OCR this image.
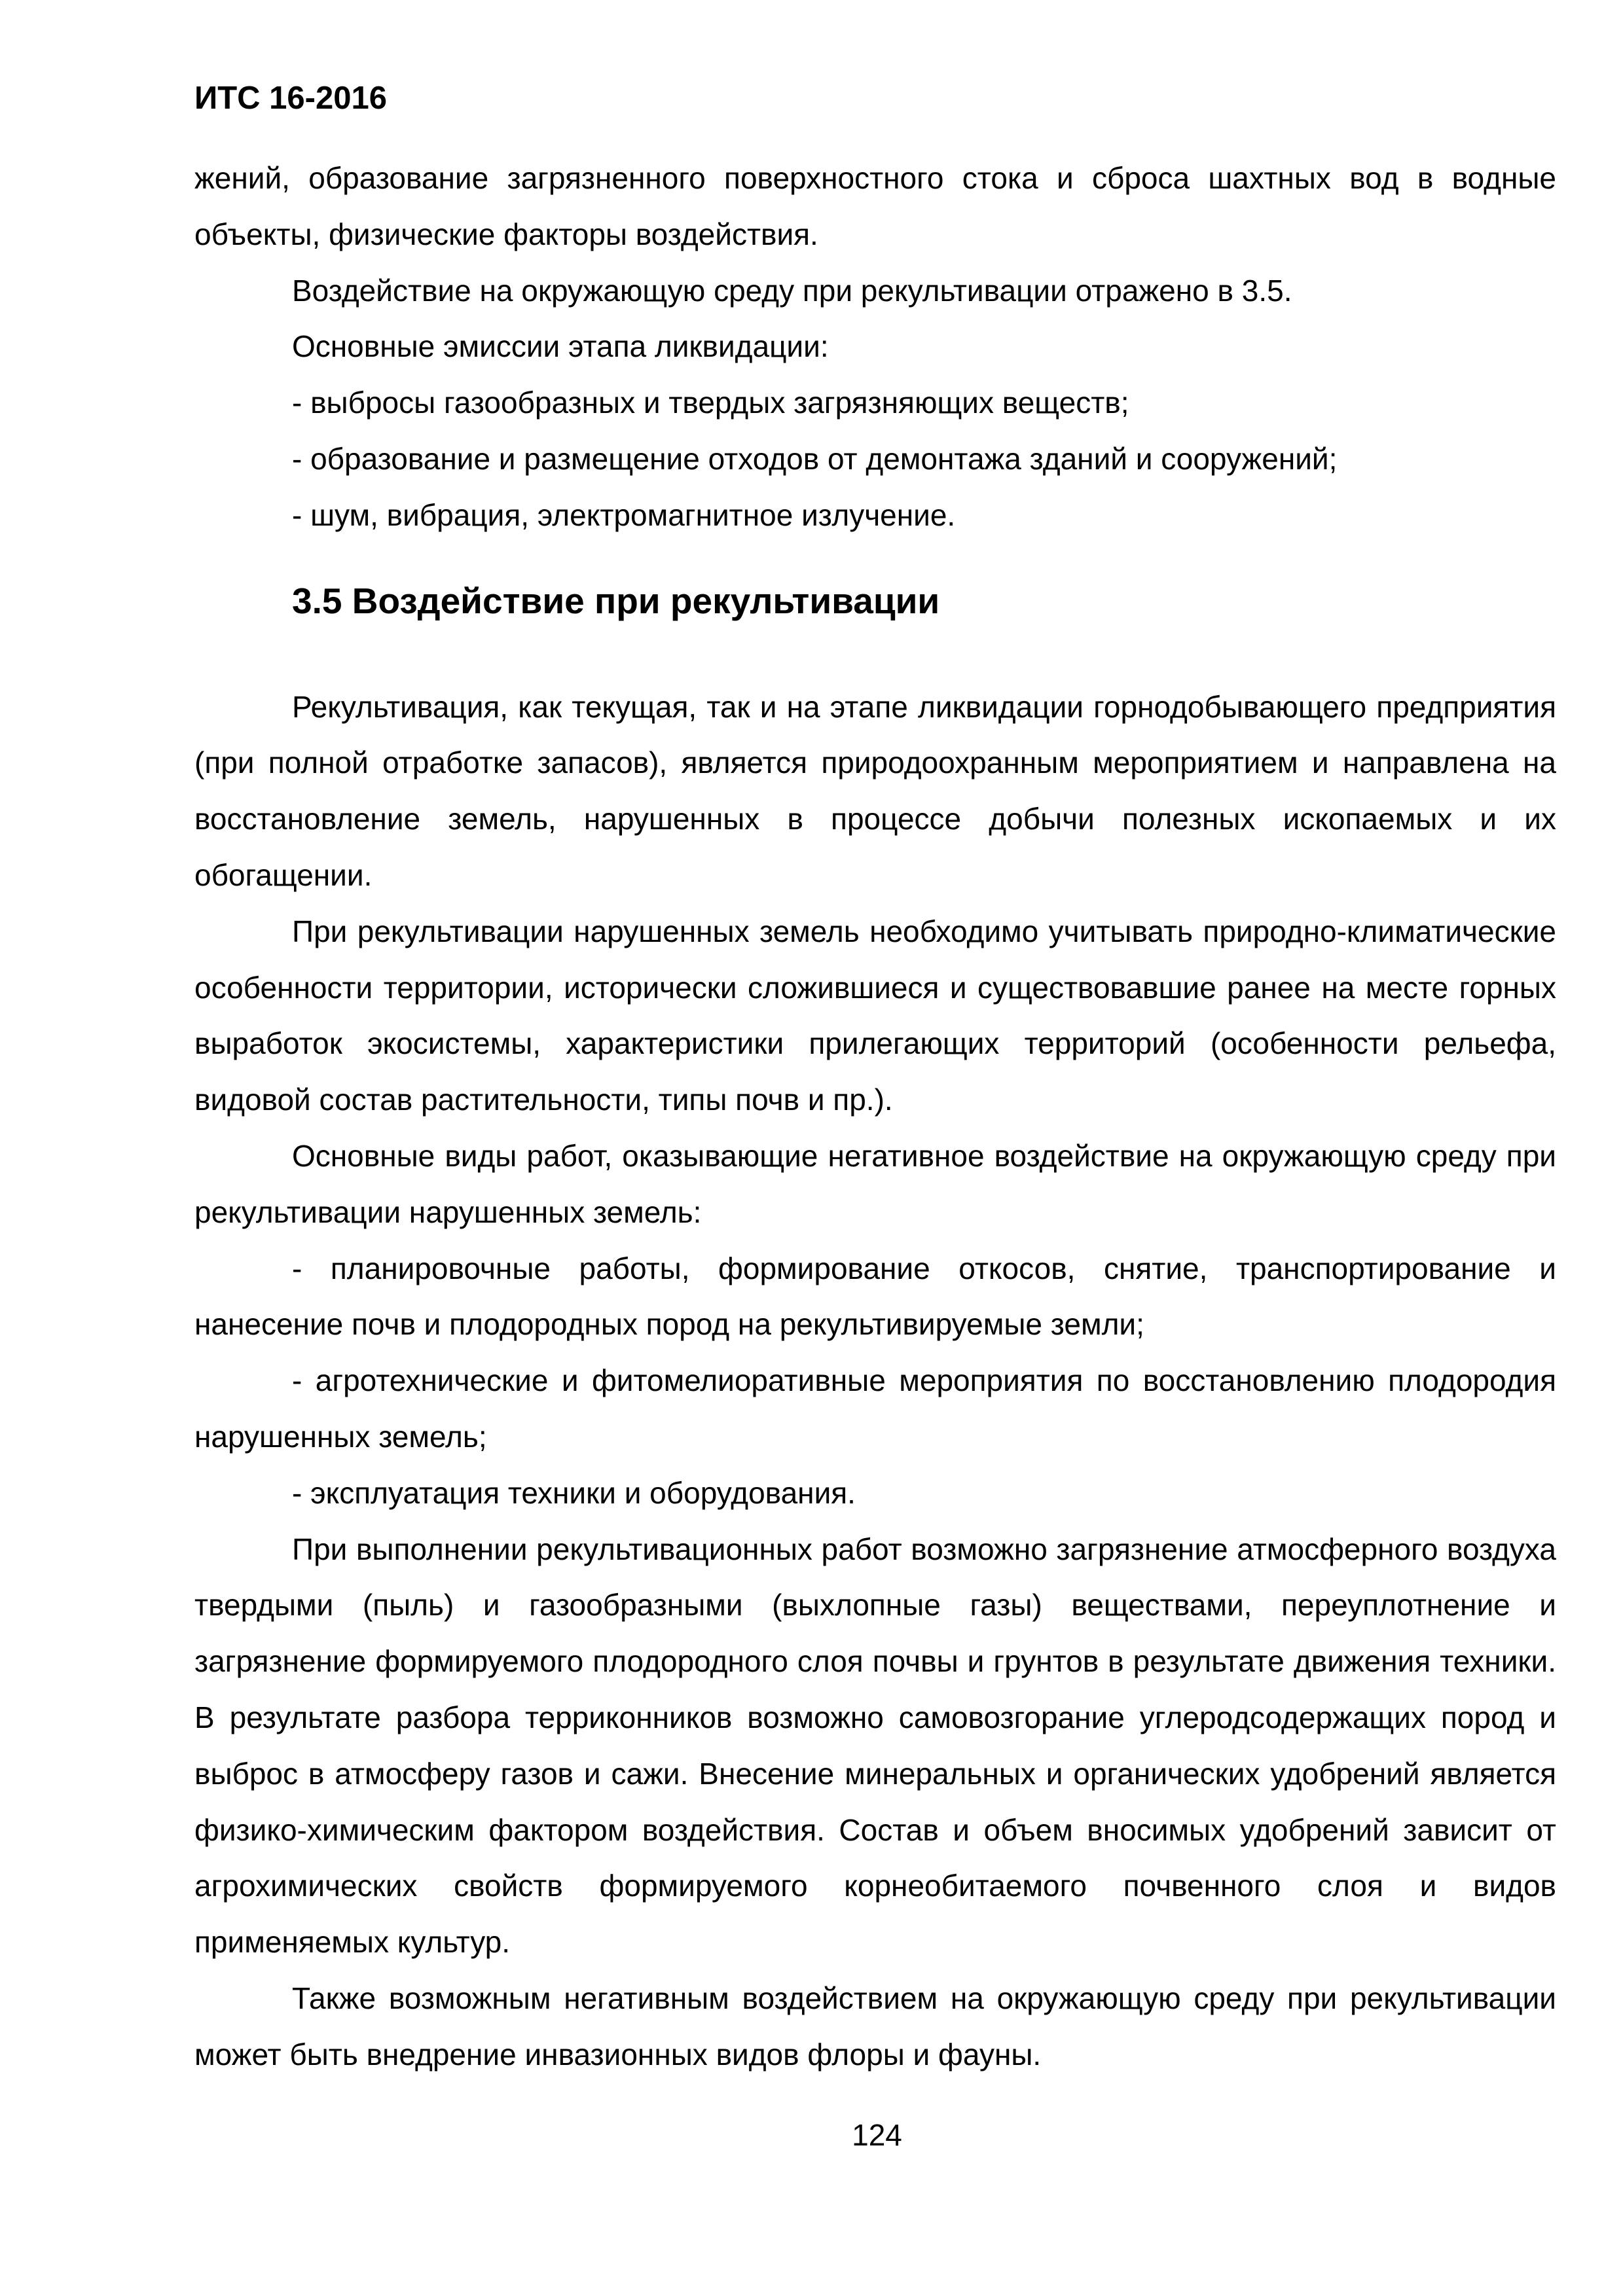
ИТС 16-2016

жений, образование загрязненного поверхностного стока и сброса шахтных вод в водные объекты, физические факторы воздействия.

Воздействие на окружающую среду при рекультивации отражено в 3.5.

Основные эмиссии этапа ликвидации:

- выбросы газообразных и твердых загрязняющих веществ;

- образование и размещение отходов от демонтажа зданий и сооружений;

- шум, вибрация, электромагнитное излучение.

3.5 Воздействие при рекультивации

Рекультивация, как текущая, так и на этапе ликвидации горнодобывающего предприятия (при полной отработке запасов), является природоохранным мероприятием и направлена на восстановление земель, нарушенных в процессе добычи полезных ископаемых и их обогащении.

При рекультивации нарушенных земель необходимо учитывать природно-климатические особенности территории, исторически сложившиеся и существовавшие ранее на месте горных выработок экосистемы, характеристики прилегающих территорий (особенности рельефа, видовой состав растительности, типы почв и пр.).

Основные виды работ, оказывающие негативное воздействие на окружающую среду при рекультивации нарушенных земель:

- планировочные работы, формирование откосов, снятие, транспортирование и нанесение почв и плодородных пород на рекультивируемые земли;

- агротехнические и фитомелиоративные мероприятия по восстановлению плодородия нарушенных земель;

- эксплуатация техники и оборудования.

При выполнении рекультивационных работ возможно загрязнение атмосферного воздуха твердыми (пыль) и газообразными (выхлопные газы) веществами, переуплотнение и загрязнение формируемого плодородного слоя почвы и грунтов в результате движения техники. В результате разбора терриконников возможно самовозгорание углеродсодержащих пород и выброс в атмосферу газов и сажи. Внесение минеральных и органических удобрений является физико-химическим фактором воздействия. Состав и объем вносимых удобрений зависит от агрохимических свойств формируемого корнеобитаемого почвенного слоя и видов применяемых культур.

Также возможным негативным воздействием на окружающую среду при рекультивации может быть внедрение инвазионных видов флоры и фауны.

124
